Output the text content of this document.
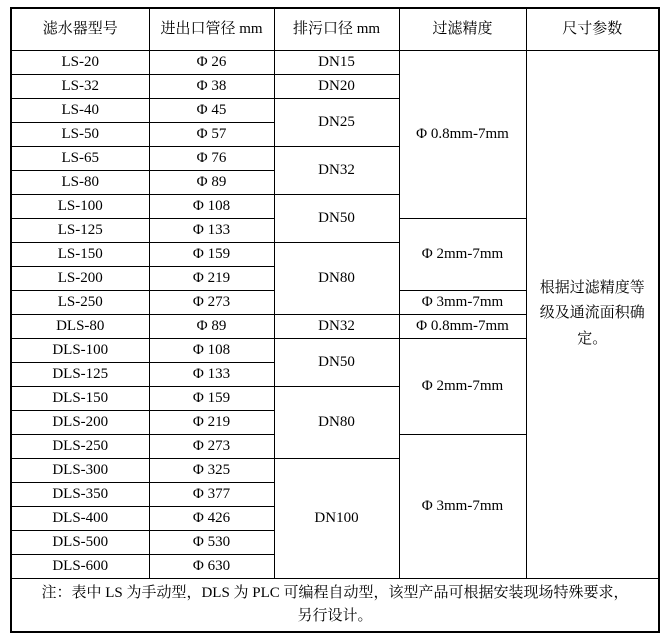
滤水器型号	进出口管径 mm	排污口径 mm	过滤精度	尺寸参数
LS-20	Φ 26	DN15	Φ 0.8mm-7mm	根据过滤精度等级及通流面积确定。
LS-32	Φ 38	DN20		
LS-40	Φ 45	DN25		
LS-50	Φ 57			
LS-65	Φ 76	DN32		
LS-80	Φ 89			
LS-100	Φ 108	DN50		
LS-125	Φ 133		Φ 2mm-7mm	
LS-150	Φ 159	DN80		
LS-200	Φ 219			
LS-250	Φ 273		Φ 3mm-7mm	
DLS-80	Φ 89	DN32	Φ 0.8mm-7mm	
DLS-100	Φ 108	DN50	Φ 2mm-7mm	
DLS-125	Φ 133			
DLS-150	Φ 159	DN80		
DLS-200	Φ 219			
DLS-250	Φ 273		Φ 3mm-7mm	
DLS-300	Φ 325	DN100		
DLS-350	Φ 377			
DLS-400	Φ 426			
DLS-500	Φ 530			
DLS-600	Φ 630			

注：表中 LS 为手动型，DLS 为 PLC 可编程自动型，该型产品可根据安装现场特殊要求，
另行设计。				
